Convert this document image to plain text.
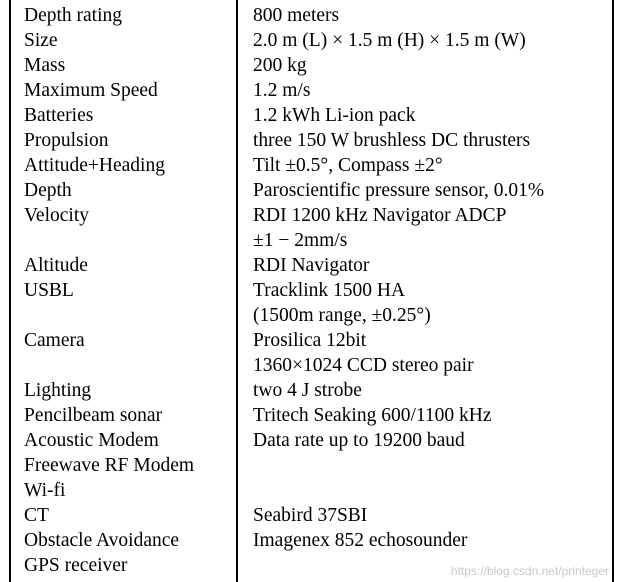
Depth rating	800 meters
Size	2.0 m (L) × 1.5 m (H) × 1.5 m (W)
Mass	200 kg
Maximum Speed	1.2 m/s
Batteries	1.2 kWh Li-ion pack
Propulsion	three 150 W brushless DC thrusters
Attitude+Heading	Tilt ±0.5°, Compass ±2°
Depth	Paroscientific pressure sensor, 0.01%
Velocity	RDI 1200 kHz Navigator ADCP
±1 − 2mm/s
Altitude	RDI Navigator
USBL	Tracklink 1500 HA
(1500m range, ±0.25°)
Camera	Prosilica 12bit
1360×1024 CCD stereo pair
Lighting	two 4 J strobe
Pencilbeam sonar	Tritech Seaking 600/1100 kHz
Acoustic Modem	Data rate up to 19200 baud
Freewave RF Modem
Wi-fi
CT	Seabird 37SBI
Obstacle Avoidance	Imagenex 852 echosounder
GPS receiver	https://blog.csdn.net/printeger
